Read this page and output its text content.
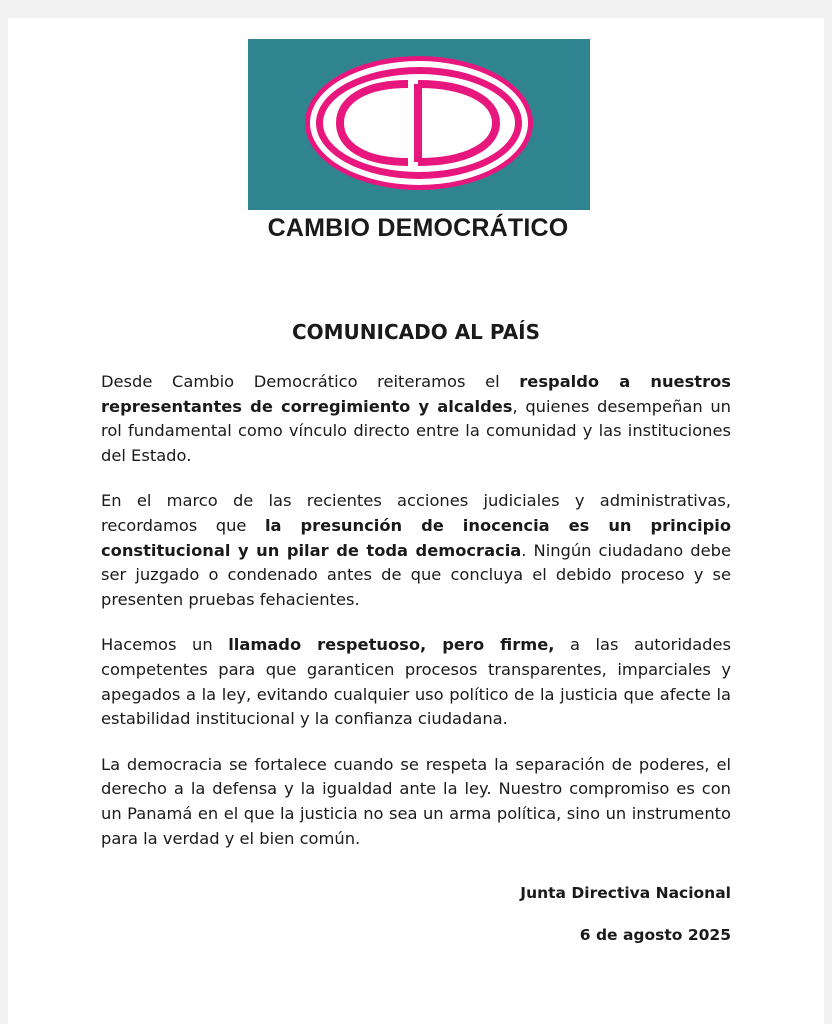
CAMBIO DEMOCRÁTICO
COMUNICADO AL PAÍS

Desde Cambio Democrático reiteramos el respaldo a nuestros representantes de corregimiento y alcaldes, quienes desempeñan un rol fundamental como vínculo directo entre la comunidad y las instituciones del Estado.

En el marco de las recientes acciones judiciales y administrativas, recordamos que la presunción de inocencia es un principio constitucional y un pilar de toda democracia. Ningún ciudadano debe ser juzgado o condenado antes de que concluya el debido proceso y se presenten pruebas fehacientes.

Hacemos un llamado respetuoso, pero firme, a las autoridades competentes para que garanticen procesos transparentes, imparciales y apegados a la ley, evitando cualquier uso político de la justicia que afecte la estabilidad institucional y la confianza ciudadana.

La democracia se fortalece cuando se respeta la separación de poderes, el derecho a la defensa y la igualdad ante la ley. Nuestro compromiso es con un Panamá en el que la justicia no sea un arma política, sino un instrumento para la verdad y el bien común.

Junta Directiva Nacional
6 de agosto 2025
